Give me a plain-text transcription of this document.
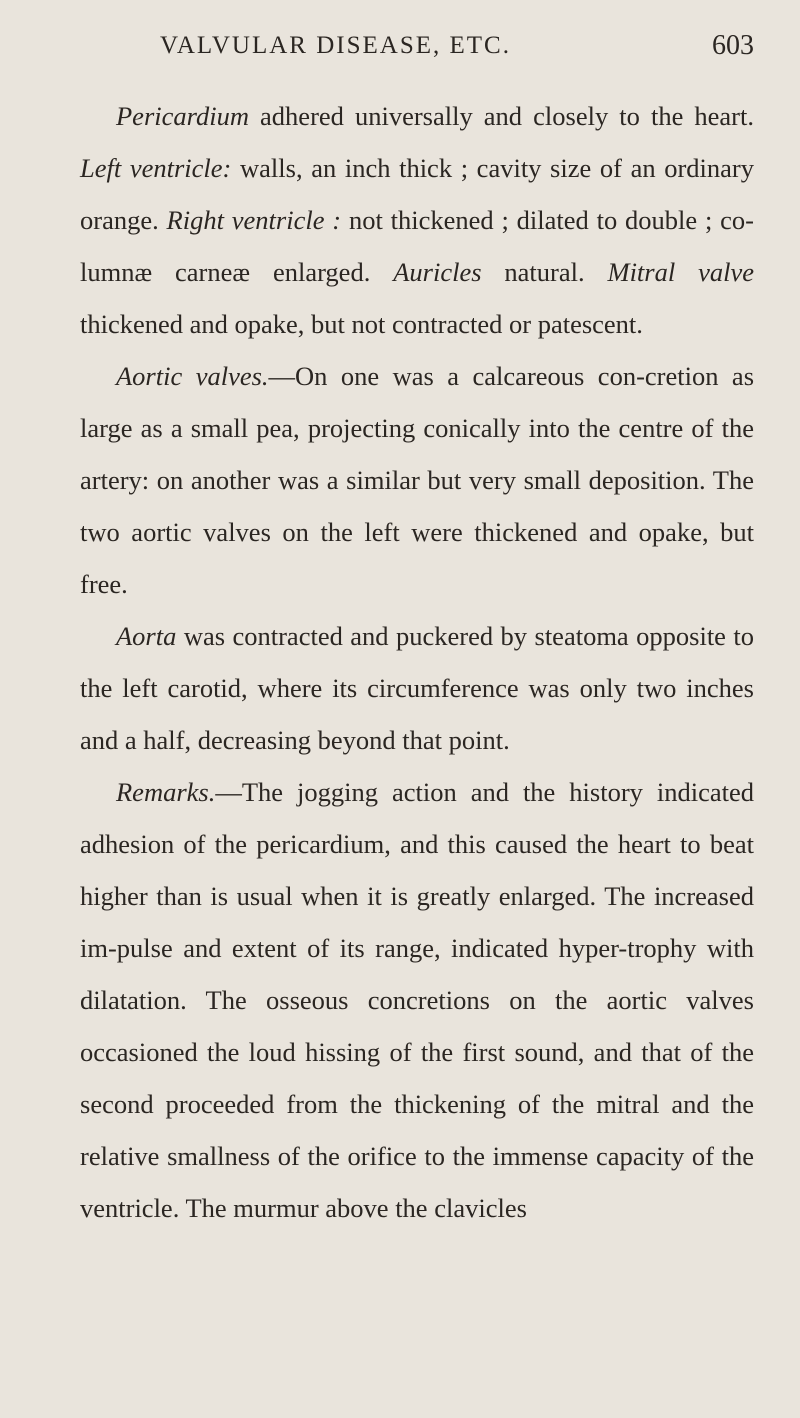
VALVULAR DISEASE, ETC.	603

Pericardium adhered universally and closely to the heart. Left ventricle: walls, an inch thick ; cavity size of an ordinary orange. Right ventricle : not thickened ; dilated to double ; co-lumnæ carneæ enlarged. Auricles natural. Mitral valve thickened and opake, but not contracted or patescent.

Aortic valves.—On one was a calcareous con-cretion as large as a small pea, projecting conically into the centre of the artery: on another was a similar but very small deposition. The two aortic valves on the left were thickened and opake, but free.

Aorta was contracted and puckered by steatoma opposite to the left carotid, where its circumference was only two inches and a half, decreasing beyond that point.

Remarks.—The jogging action and the history indicated adhesion of the pericardium, and this caused the heart to beat higher than is usual when it is greatly enlarged. The increased im-pulse and extent of its range, indicated hyper-trophy with dilatation. The osseous concretions on the aortic valves occasioned the loud hissing of the first sound, and that of the second proceeded from the thickening of the mitral and the relative smallness of the orifice to the immense capacity of the ventricle. The murmur above the clavicles
